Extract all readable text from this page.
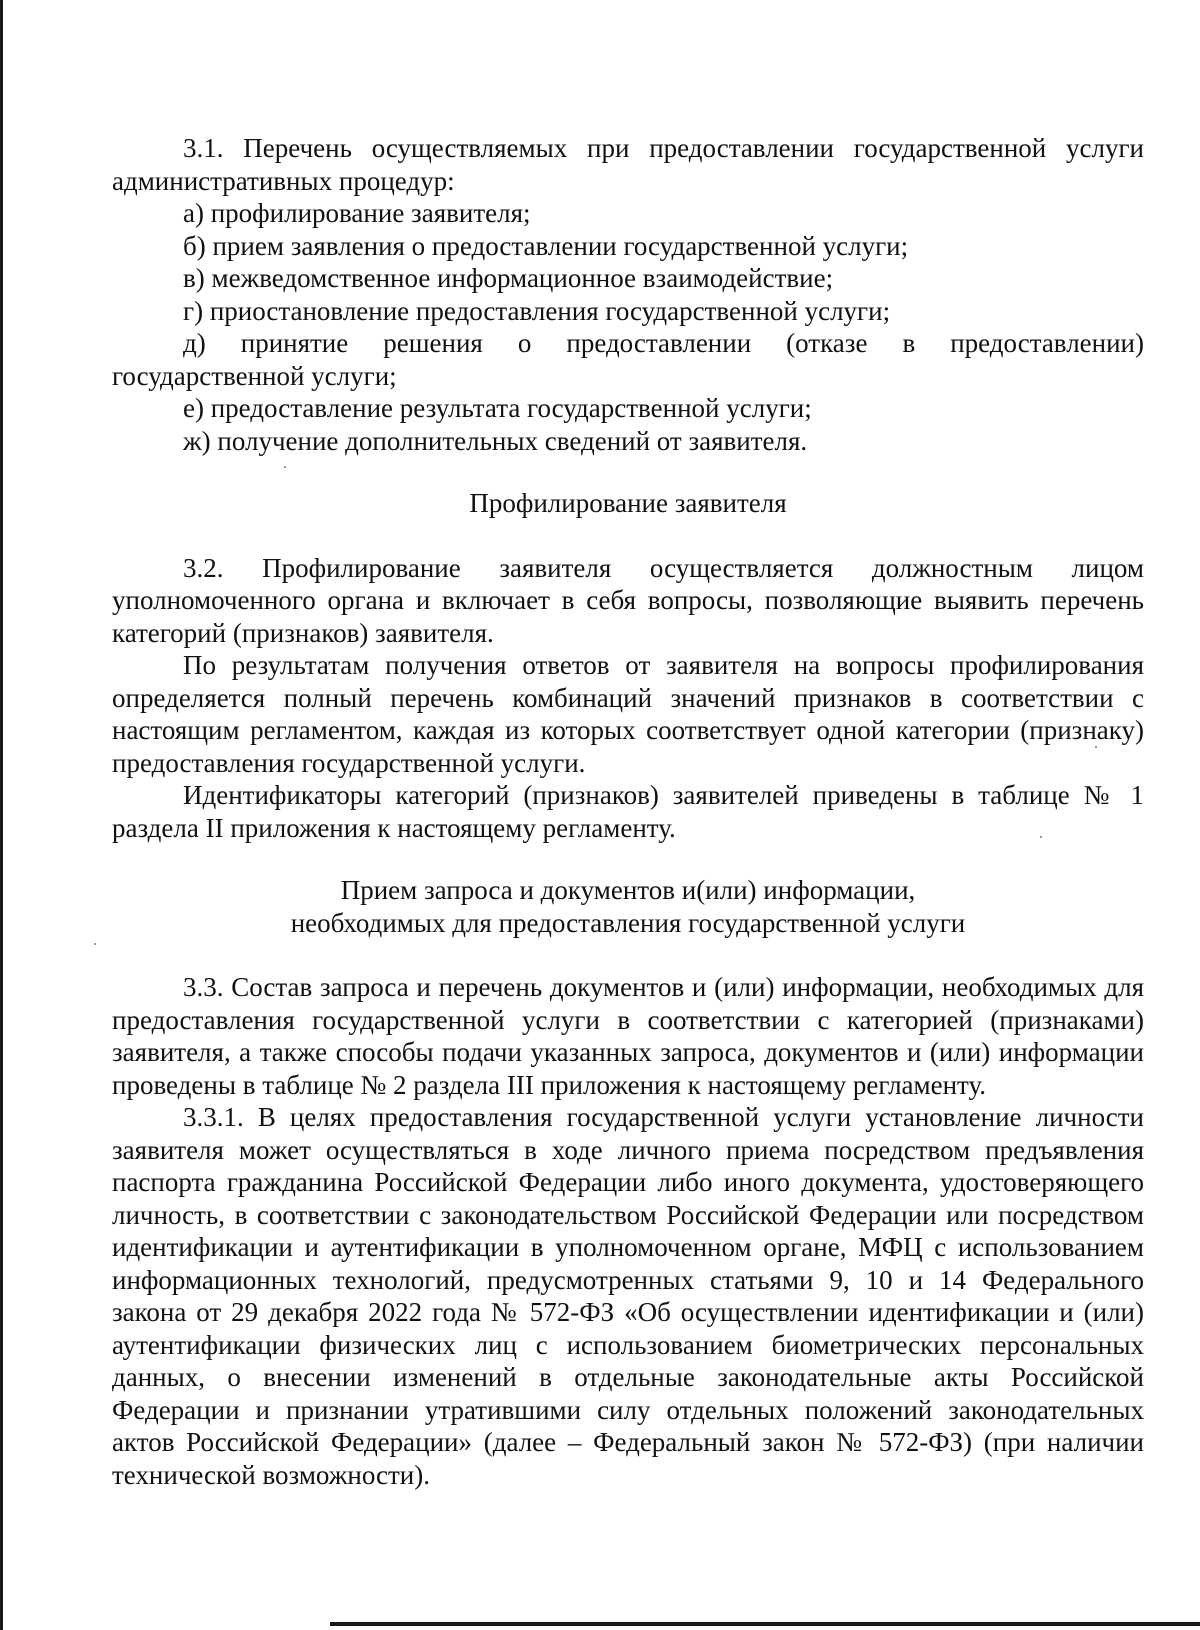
3.1. Перечень осуществляемых при предоставлении государственной услуги административных процедур:

а) профилирование заявителя;

б) прием заявления о предоставлении государственной услуги;

в) межведомственное информационное взаимодействие;

г) приостановление предоставления государственной услуги;

д) принятие решения о предоставлении (отказе в предоставлении) государственной услуги;

е) предоставление результата государственной услуги;

ж) получение дополнительных сведений от заявителя.

Профилирование заявителя

3.2. Профилирование заявителя осуществляется должностным лицом уполномоченного органа и включает в себя вопросы, позволяющие выявить перечень категорий (признаков) заявителя.

По результатам получения ответов от заявителя на вопросы профилирования определяется полный перечень комбинаций значений признаков в соответствии с настоящим регламентом, каждая из которых соответствует одной категории (признаку) предоставления государственной услуги.

Идентификаторы категорий (признаков) заявителей приведены в таблице № 1 раздела II приложения к настоящему регламенту.

Прием запроса и документов и(или) информации,
необходимых для предоставления государственной услуги

3.3. Состав запроса и перечень документов и (или) информации, необходимых для предоставления государственной услуги в соответствии с категорией (признаками) заявителя, а также способы подачи указанных запроса, документов и (или) информации проведены в таблице № 2 раздела III приложения к настоящему регламенту.

3.3.1. В целях предоставления государственной услуги установление личности заявителя может осуществляться в ходе личного приема посредством предъявления паспорта гражданина Российской Федерации либо иного документа, удостоверяющего личность, в соответствии с законодательством Российской Федерации или посредством идентификации и аутентификации в уполномоченном органе, МФЦ с использованием информационных технологий, предусмотренных статьями 9, 10 и 14 Федерального закона от 29 декабря 2022 года № 572-ФЗ «Об осуществлении идентификации и (или) аутентификации физических лиц с использованием биометрических персональных данных, о внесении изменений в отдельные законодательные акты Российской Федерации и признании утратившими силу отдельных положений законодательных актов Российской Федерации» (далее – Федеральный закон № 572-ФЗ) (при наличии технической возможности).
